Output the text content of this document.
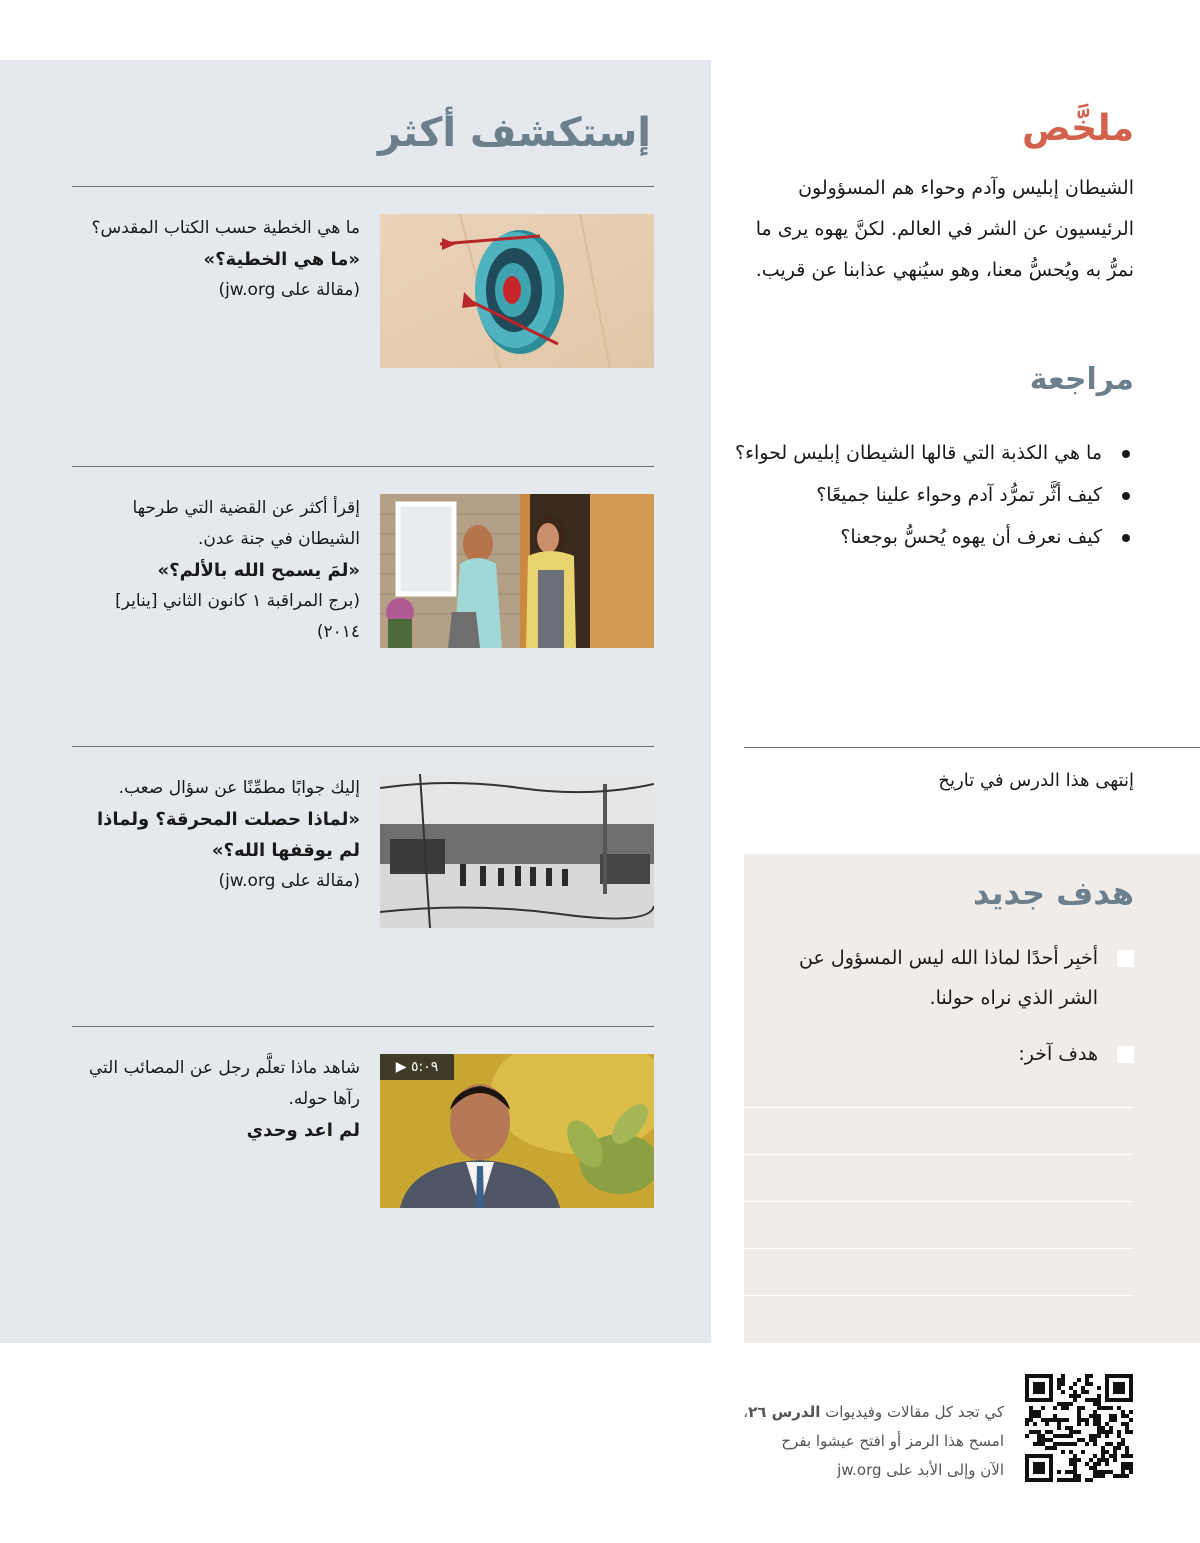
إستكشف أكثر
ما هي الخطية حسب الكتاب المقدس؟
«ما هي الخطية؟»
(مقالة على jw.org)
إقرأ أكثر عن القضية التي طرحها الشيطان في جنة عدن.
«لمَ يسمح الله بالألم؟»
(برج المراقبة ١ كانون الثاني [يناير] ٢٠١٤)
إليك جوابًا مطمِّنًا عن سؤال صعب.
«لماذا حصلت المحرقة؟ ولماذا لم يوقفها الله؟»
(مقالة على jw.org)
▶ ٥:٠٩
شاهد ماذا تعلَّم رجل عن المصائب التي رآها حوله.
لم اعد وحدي
ملخَّص

الشيطان إبليس وآدم وحواء هم المسؤولون الرئيسيون عن الشر في العالم. لكنَّ يهوه يرى ما نمرُّ به ويُحسُّ معنا، وهو سيُنهي عذابنا عن قريب.

مراجعة
ما هي الكذبة التي قالها الشيطان إبليس لحواء؟
كيف أثَّر تمرُّد آدم وحواء علينا جميعًا؟
كيف نعرف أن يهوه يُحسُّ بوجعنا؟

إنتهى هذا الدرس في تاريخ

هدف جديد
أخبِر أحدًا لماذا الله ليس المسؤول عن الشر الذي نراه حولنا.
هدف آخر:
كي تجد كل مقالات وفيديوات الدرس ٢٦،
امسح هذا الرمز أو افتح عيشوا بفرح
الآن وإلى الأبد على jw.org
